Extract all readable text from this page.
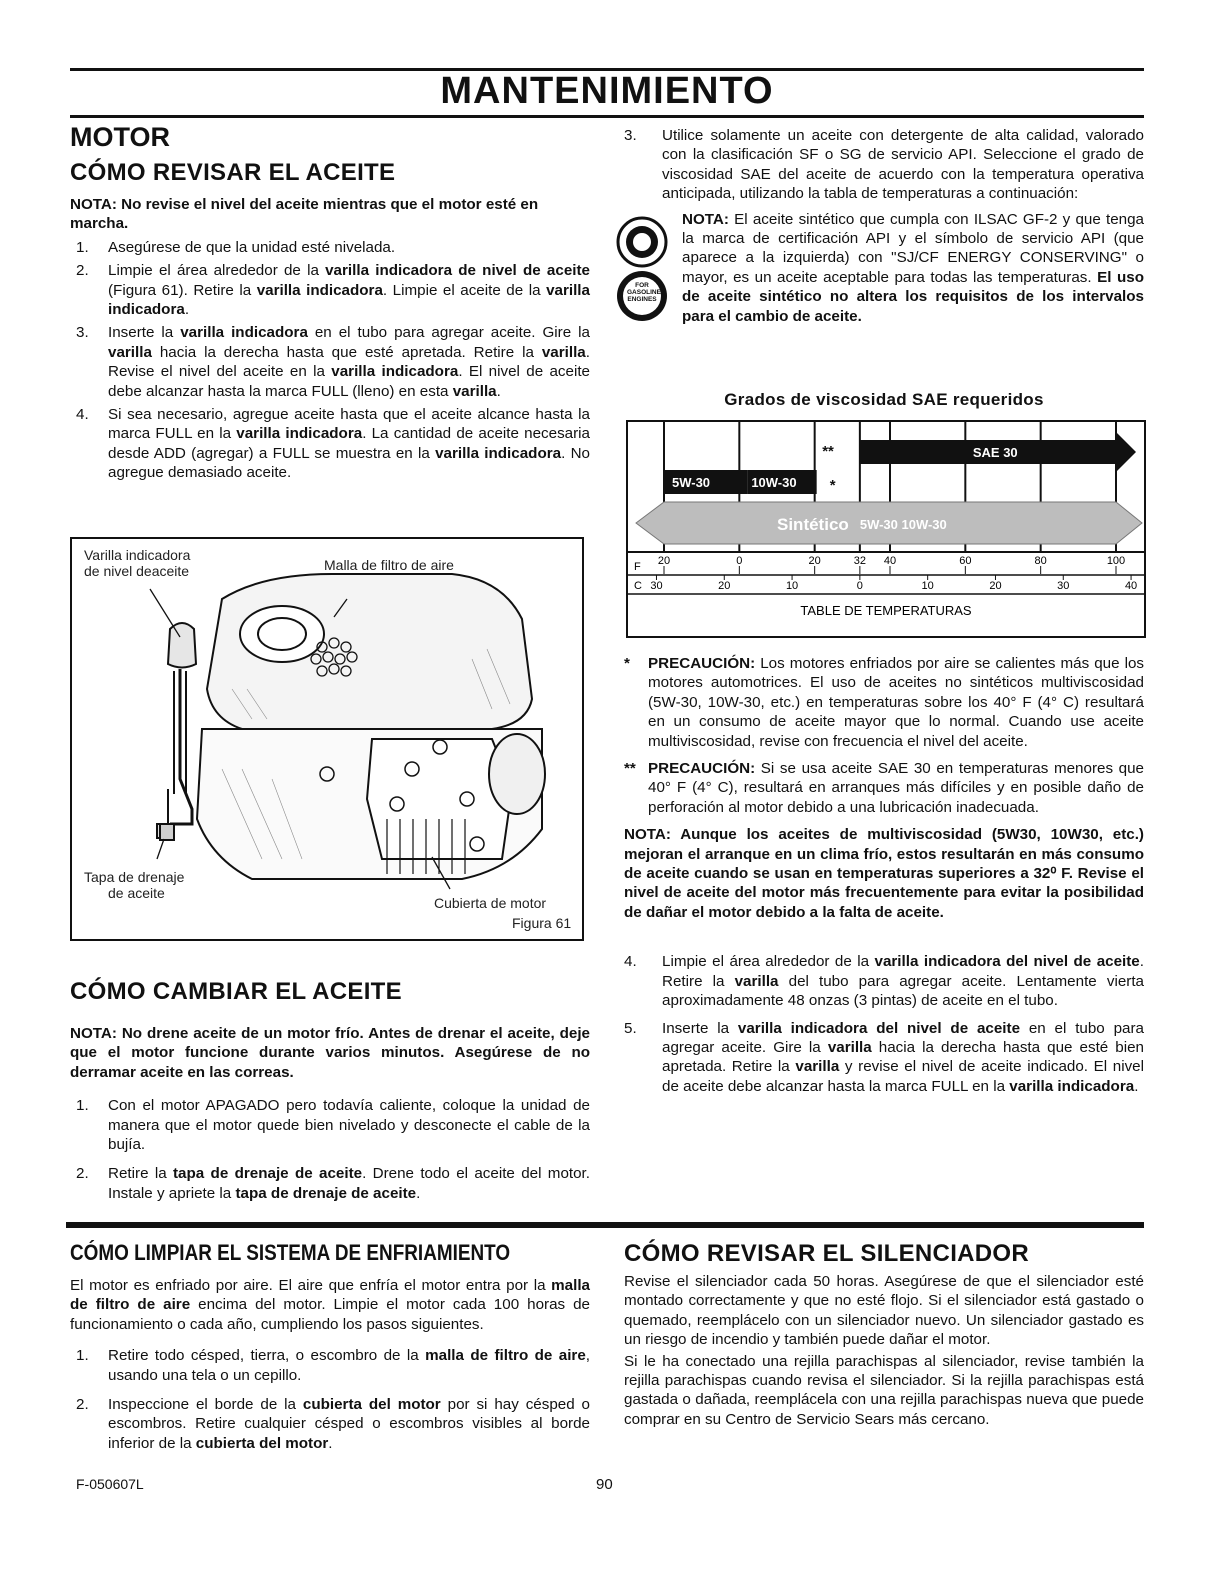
MANTENIMIENTO
MOTOR
CÓMO REVISAR EL ACEITE

NOTA: No revise el nivel del aceite mientras que el motor esté en marcha.

1. Asegúrese de que la unidad esté nivelada.
2. Limpie el área alrededor de la varilla indicadora de nivel de aceite (Figura 61). Retire la varilla indicadora. Limpie el aceite de la varilla indicadora.
3. Inserte la varilla indicadora en el tubo para agregar aceite. Gire la varilla hacia la derecha hasta que esté apretada. Retire la varilla. Revise el nivel del aceite en la varilla indicadora. El nivel de aceite debe alcanzar hasta la marca FULL (lleno) en esta varilla.
4. Si sea necesario, agregue aceite hasta que el aceite alcance hasta la marca FULL en la varilla indicadora. La cantidad de aceite necesaria desde ADD (agregar) a FULL se muestra en la varilla indicadora. No agregue demasiado aceite.
Varilla indicadora
de nivel deaceite	Malla de filtro de aire
Tapa de drenaje
de aceite
Cubierta de motor
Figura 61
CÓMO CAMBIAR EL ACEITE

NOTA: No drene aceite de un motor frío. Antes de drenar el aceite, deje que el motor funcione durante varios minutos. Asegúrese de no derramar aceite en las correas.

1. Con el motor APAGADO pero todavía caliente, coloque la unidad de manera que el motor quede bien nivelado y desconecte el cable de la bujía.
2. Retire la tapa de drenaje de aceite. Drene todo el aceite del motor. Instale y apriete la tapa de drenaje de aceite.
3. Utilice solamente un aceite con detergente de alta calidad, valorado con la clasificación SF o SG de servicio API. Seleccione el grado de viscosidad SAE del aceite de acuerdo con la temperatura operativa anticipada, utilizando la tabla de temperaturas a continuación:
FOR GASOLINE ENGINES

NOTA: El aceite sintético que cumpla con ILSAC GF-2 y que tenga la marca de certificación API y el símbolo de servicio API (que aparece a la izquierda) con "SJ/CF ENERGY CONSERVING" o mayor, es un aceite aceptable para todas las temperaturas. El uso de aceite sintético no altera los requisitos de los intervalos para el cambio de aceite.

Grados de viscosidad SAE requeridos
Sintético 5W-30 10W-30
SAE 30
**
5W-30	10W-30 *
F 20	0	20	32 40	60	80	100
C 30	20	10	0	10	20	30	40
TABLE DE TEMPERATURAS

* PRECAUCIÓN: Los motores enfriados por aire se calientes más que los motores automotrices. El uso de aceites no sintéticos multiviscosidad (5W-30, 10W-30, etc.) en temperaturas sobre los 40° F (4° C) resultará en un consumo de aceite mayor que lo normal. Cuando use aceite multiviscosidad, revise con frecuencia el nivel del aceite.

** PRECAUCIÓN: Si se usa aceite SAE 30 en temperaturas menores que 40° F (4° C), resultará en arranques más difíciles y en posible daño de perforación al motor debido a una lubricación inadecuada.

NOTA: Aunque los aceites de multiviscosidad (5W30, 10W30, etc.) mejoran el arranque en un clima frío, estos resultarán en más consumo de aceite cuando se usan en temperaturas superiores a 32⁰ F. Revise el nivel de aceite del motor más frecuentemente para evitar la posibilidad de dañar el motor debido a la falta de aceite.

4. Limpie el área alrededor de la varilla indicadora del nivel de aceite. Retire la varilla del tubo para agregar aceite. Lentamente vierta aproximadamente 48 onzas (3 pintas) de aceite en el tubo.
5. Inserte la varilla indicadora del nivel de aceite en el tubo para agregar aceite. Gire la varilla hacia la derecha hasta que esté bien apretada. Retire la varilla y revise el nivel de aceite indicado. El nivel de aceite debe alcanzar hasta la marca FULL en la varilla indicadora.
CÓMO LIMPIAR EL SISTEMA DE ENFRIAMIENTO

El motor es enfriado por aire. El aire que enfría el motor entra por la malla de filtro de aire encima del motor. Limpie el motor cada 100 horas de funcionamiento o cada año, cumpliendo los pasos siguientes.

1. Retire todo césped, tierra, o escombro de la malla de filtro de aire, usando una tela o un cepillo.
2. Inspeccione el borde de la cubierta del motor por si hay césped o escombros. Retire cualquier césped o escombros visibles al borde inferior de la cubierta del motor.
CÓMO REVISAR EL SILENCIADOR

Revise el silenciador cada 50 horas. Asegúrese de que el silenciador esté montado correctamente y que no esté flojo. Si el silenciador está gastado o quemado, reemplácelo con un silenciador nuevo. Un silenciador gastado es un riesgo de incendio y también puede dañar el motor.

Si le ha conectado una rejilla parachispas al silenciador, revise también la rejilla parachispas cuando revisa el silenciador. Si la rejilla parachispas está gastada o dañada, reemplácela con una rejilla parachispas nueva que puede comprar en su Centro de Servicio Sears más cercano.

F-050607L	90
